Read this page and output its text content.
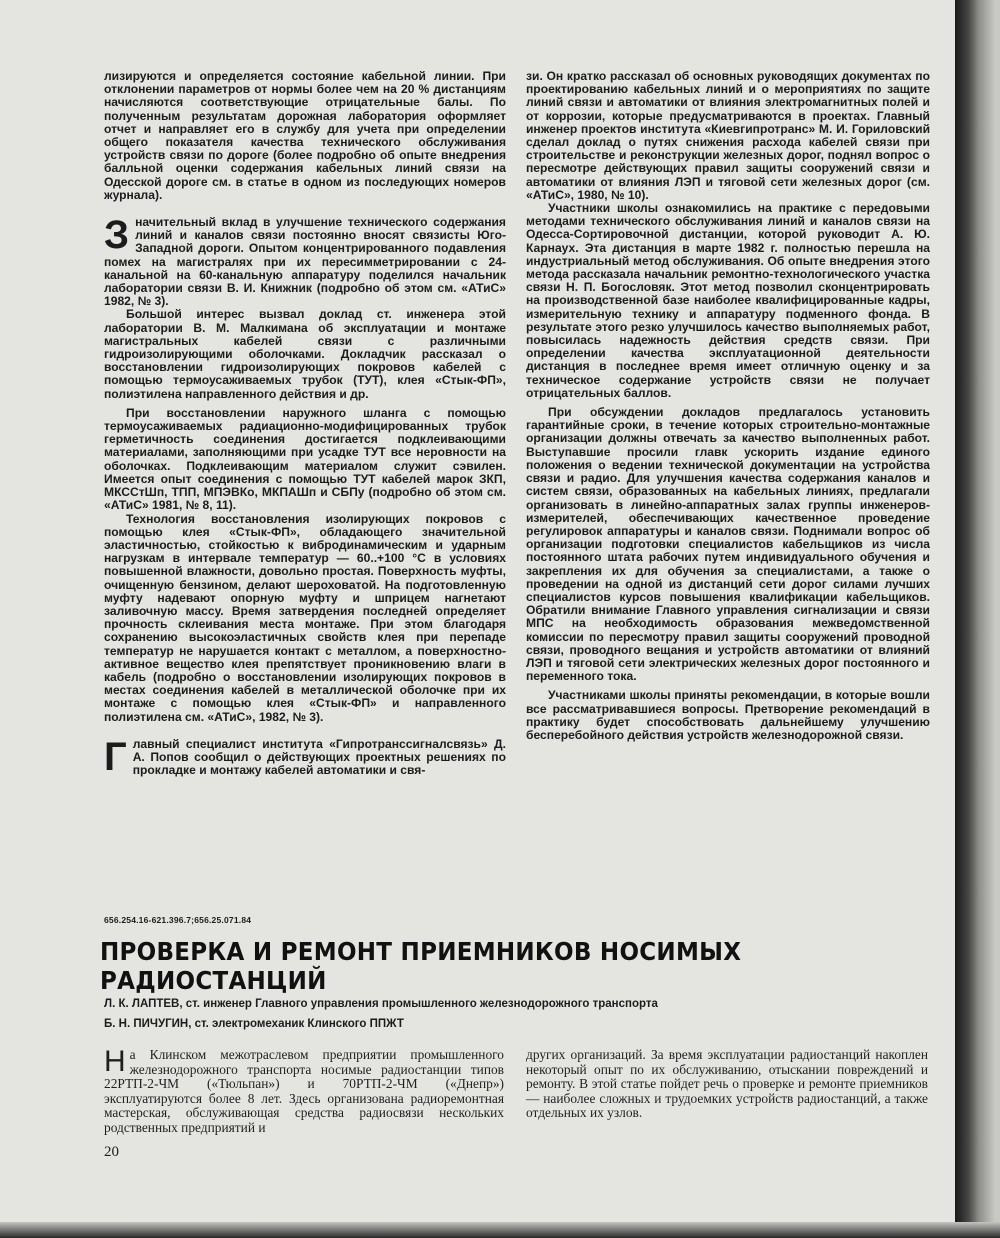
лизируются и определяется состояние кабельной линии. При отклонении параметров от нормы более чем на 20 % дистанциям начисляются соответствующие отрицательные балы. По полученным результатам дорожная лаборатория оформляет отчет и направляет его в службу для учета при определении общего показателя качества технического обслуживания устройств связи по дороге (более подробно об опыте внедрения балльной оценки содержания кабельных линий связи на Одесской дороге см. в статье в одном из последующих номеров журнала).

Значительный вклад в улучшение технического содержания линий и каналов связи постоянно вносят связисты Юго-Западной дороги. Опытом концентрированного подавления помех на магистралях при их пересимметрировании с 24-канальной на 60-канальную аппаратуру поделился начальник лаборатории связи В. И. Книжник (подробно об этом см. «АТиС» 1982, № 3).

Большой интерес вызвал доклад ст. инженера этой лаборатории В. М. Малкимана об эксплуатации и монтаже магистральных кабелей связи с различными гидроизолирующими оболочками. Докладчик рассказал о восстановлении гидроизолирующих покровов кабелей с помощью термоусаживаемых трубок (ТУТ), клея «Стык-ФП», полиэтилена направленного действия и др.

При восстановлении наружного шланга с помощью термоусаживаемых радиационно-модифицированных трубок герметичность соединения достигается подклеивающими материалами, заполняющими при усадке ТУТ все неровности на оболочках. Подклеивающим материалом служит сэвилен. Имеется опыт соединения с помощью ТУТ кабелей марок ЗКП, МКССтШп, ТПП, МПЭВКо, МКПАШп и СБПу (подробно об этом см. «АТиС» 1981, № 8, 11).

Технология восстановления изолирующих покровов с помощью клея «Стык-ФП», обладающего значительной эластичностью, стойкостью к вибродинамическим и ударным нагрузкам в интервале температур — 60..+100 °С в условиях повышенной влажности, довольно простая. Поверхность муфты, очищенную бензином, делают шероховатой. На подготовленную муфту надевают опорную муфту и шприцем нагнетают заливочную массу. Время затвердения последней определяет прочность склеивания места монтаже. При этом благодаря сохранению высокоэластичных свойств клея при перепаде температур не нарушается контакт с металлом, а поверхностно-активное вещество клея препятствует проникновению влаги в кабель (подробно о восстановлении изолирующих покровов в местах соединения кабелей в металлической оболочке при их монтаже с помощью клея «Стык-ФП» и направленного полиэтилена см. «АТиС», 1982, № 3).

Главный специалист института «Гипротранссигналсвязь» Д. А. Попов сообщил о действующих проектных решениях по прокладке и монтажу кабелей автоматики и свя-

зи. Он кратко рассказал об основных руководящих документах по проектированию кабельных линий и о мероприятиях по защите линий связи и автоматики от влияния электромагнитных полей и от коррозии, которые предусматриваются в проектах. Главный инженер проектов института «Киевгипротранс» М. И. Гориловский сделал доклад о путях снижения расхода кабелей связи при строительстве и реконструкции железных дорог, поднял вопрос о пересмотре действующих правил защиты сооружений связи и автоматики от влияния ЛЭП и тяговой сети железных дорог (см. «АТиС», 1980, № 10).

Участники школы ознакомились на практике с передовыми методами технического обслуживания линий и каналов связи на Одесса-Сортировочной дистанции, которой руководит А. Ю. Карнаух. Эта дистанция в марте 1982 г. полностью перешла на индустриальный метод обслуживания. Об опыте внедрения этого метода рассказала начальник ремонтно-технологического участка связи Н. П. Богословяк. Этот метод позволил сконцентрировать на производственной базе наиболее квалифицированные кадры, измерительную технику и аппаратуру подменного фонда. В результате этого резко улучшилось качество выполняемых работ, повысилась надежность действия средств связи. При определении качества эксплуатационной деятельности дистанция в последнее время имеет отличную оценку и за техническое содержание устройств связи не получает отрицательных баллов.

При обсуждении докладов предлагалось установить гарантийные сроки, в течение которых строительно-монтажные организации должны отвечать за качество выполненных работ. Выступавшие просили главк ускорить издание единого положения о ведении технической документации на устройства связи и радио. Для улучшения качества содержания каналов и систем связи, образованных на кабельных линиях, предлагали организовать в линейно-аппаратных залах группы инженеров-измерителей, обеспечивающих качественное проведение регулировок аппаратуры и каналов связи. Поднимали вопрос об организации подготовки специалистов кабельщиков из числа постоянного штата рабочих путем индивидуального обучения и закрепления их для обучения за специалистами, а также о проведении на одной из дистанций сети дорог силами лучших специалистов курсов повышения квалификации кабельщиков. Обратили внимание Главного управления сигнализации и связи МПС на необходимость образования межведомственной комиссии по пересмотру правил защиты сооружений проводной связи, проводного вещания и устройств автоматики от влияний ЛЭП и тяговой сети электрических железных дорог постоянного и переменного тока.

Участниками школы приняты рекомендации, в которые вошли все рассматривавшиеся вопросы. Претворение рекомендаций в практику будет способствовать дальнейшему улучшению бесперебойного действия устройств железнодорожной связи.

656.254.16-621.396.7;656.25.071.84
ПРОВЕРКА И РЕМОНТ ПРИЕМНИКОВ НОСИМЫХ РАДИОСТАНЦИЙ
Л. К. ЛАПТЕВ, ст. инженер Главного управления промышленного железнодорожного транспорта
Б. Н. ПИЧУГИН, ст. электромеханик Клинского ППЖТ

На Клинском межотраслевом предприятии промышленного железнодорожного транспорта носимые радиостанции типов 22РТП-2-ЧМ («Тюльпан») и 70РТП-2-ЧМ («Днепр») эксплуатируются более 8 лет. Здесь организована радиоремонтная мастерская, обслуживающая средства радиосвязи нескольких родственных предприятий и

других организаций. За время эксплуатации радиостанций накоплен некоторый опыт по их обслуживанию, отыскании повреждений и ремонту. В этой статье пойдет речь о проверке и ремонте приемников — наиболее сложных и трудоемких устройств радиостанций, а также отдельных их узлов.

20
